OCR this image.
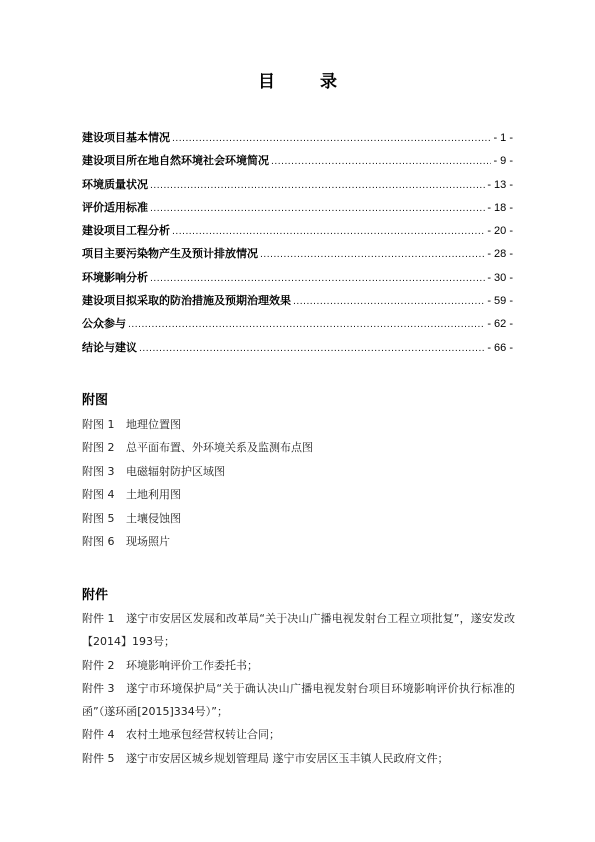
目　录
建设项目基本情况 .....	- 1 -
建设项目所在地自然环境社会环境简况 .....	- 9 -
环境质量状况 .....	- 13 -
评价适用标准 .....	- 18 -
建设项目工程分析 .....	- 20 -
项目主要污染物产生及预计排放情况 .....	- 28 -
环境影响分析 .....	- 30 -
建设项目拟采取的防治措施及预期治理效果 .....	- 59 -
公众参与 .....	- 62 -
结论与建议 .....	- 66 -
附图
附图 1 地理位置图
附图 2 总平面布置、外环境关系及监测布点图
附图 3 电磁辐射防护区域图
附图 4 土地利用图
附图 5 土壤侵蚀图
附图 6 现场照片
附件
附件 1 遂宁市安居区发展和改革局“关于决山广播电视发射台工程立项批复”，遂安发改【2014】193号；
附件 2 环境影响评价工作委托书；
附件 3 遂宁市环境保护局“关于确认决山广播电视发射台项目环境影响评价执行标准的函”（遂环函[2015]334号）”；
附件 4 农村土地承包经营权转让合同；
附件 5 遂宁市安居区城乡规划管理局 遂宁市安居区玉丰镇人民政府文件；
